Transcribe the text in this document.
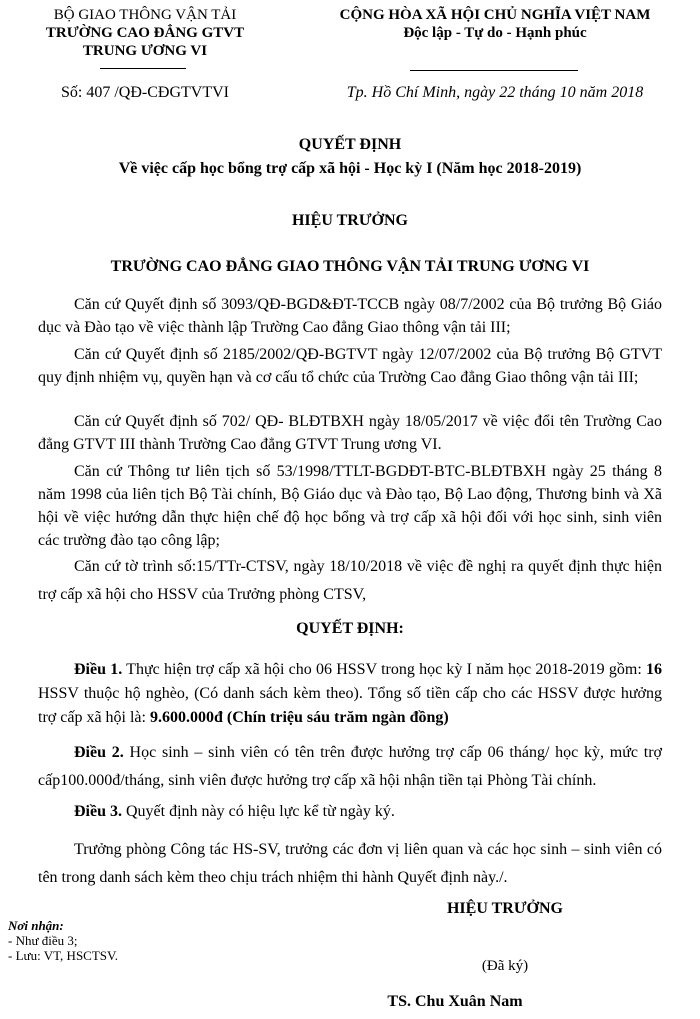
BỘ GIAO THÔNG VẬN TẢI
TRƯỜNG CAO ĐẲNG GTVT
TRUNG ƯƠNG VI
Số: 407 /QĐ-CĐGTVTVI
CỘNG HÒA XÃ HỘI CHỦ NGHĨA VIỆT NAM
Độc lập - Tự do - Hạnh phúc
Tp. Hồ Chí Minh, ngày 22 tháng 10 năm 2018
QUYẾT ĐỊNH
Về việc cấp học bổng trợ cấp xã hội - Học kỳ I (Năm học 2018-2019)
HIỆU TRƯỞNG
TRƯỜNG CAO ĐẲNG GIAO THÔNG VẬN TẢI TRUNG ƯƠNG VI
Căn cứ Quyết định số 3093/QĐ-BGD&ĐT-TCCB ngày 08/7/2002 của Bộ trưởng Bộ Giáo dục và Đào tạo về việc thành lập Trường Cao đẳng Giao thông vận tải III;
Căn cứ Quyết định số 2185/2002/QĐ-BGTVT ngày 12/07/2002 của Bộ trưởng Bộ GTVT quy định nhiệm vụ, quyền hạn và cơ cấu tổ chức của Trường Cao đẳng Giao thông vận tải III;
Căn cứ Quyết định số 702/ QĐ- BLĐTBXH ngày 18/05/2017 về việc đổi tên Trường Cao đẳng GTVT III thành Trường Cao đẳng GTVT Trung ương VI.
Căn cứ Thông tư liên tịch số 53/1998/TTLT-BGDĐT-BTC-BLĐTBXH ngày 25 tháng 8 năm 1998 của liên tịch Bộ Tài chính, Bộ Giáo dục và Đào tạo, Bộ Lao động, Thương binh và Xã hội về việc hướng dẫn thực hiện chế độ học bổng và trợ cấp xã hội đối với học sinh, sinh viên các trường đào tạo công lập;
Căn cứ tờ trình số:15/TTr-CTSV, ngày 18/10/2018 về việc đề nghị ra quyết định thực hiện trợ cấp xã hội cho HSSV của Trưởng phòng CTSV,
QUYẾT ĐỊNH:
Điều 1. Thực hiện trợ cấp xã hội cho 06 HSSV trong học kỳ I năm học 2018-2019 gồm: 16 HSSV thuộc hộ nghèo, (Có danh sách kèm theo). Tổng số tiền cấp cho các HSSV được hưởng trợ cấp xã hội là: 9.600.000đ (Chín triệu sáu trăm ngàn đồng)
Điều 2. Học sinh – sinh viên có tên trên được hưởng trợ cấp 06 tháng/ học kỳ, mức trợ cấp100.000đ/tháng, sinh viên được hưởng trợ cấp xã hội nhận tiền tại Phòng Tài chính.
Điều 3. Quyết định này có hiệu lực kể từ ngày ký.
Trưởng phòng Công tác HS-SV, trưởng các đơn vị liên quan và các học sinh – sinh viên có tên trong danh sách kèm theo chịu trách nhiệm thi hành Quyết định này./.
Nơi nhận:
- Như điều 3;
- Lưu: VT, HSCTSV.
HIỆU TRƯỞNG
(Đã ký)
TS. Chu Xuân Nam
